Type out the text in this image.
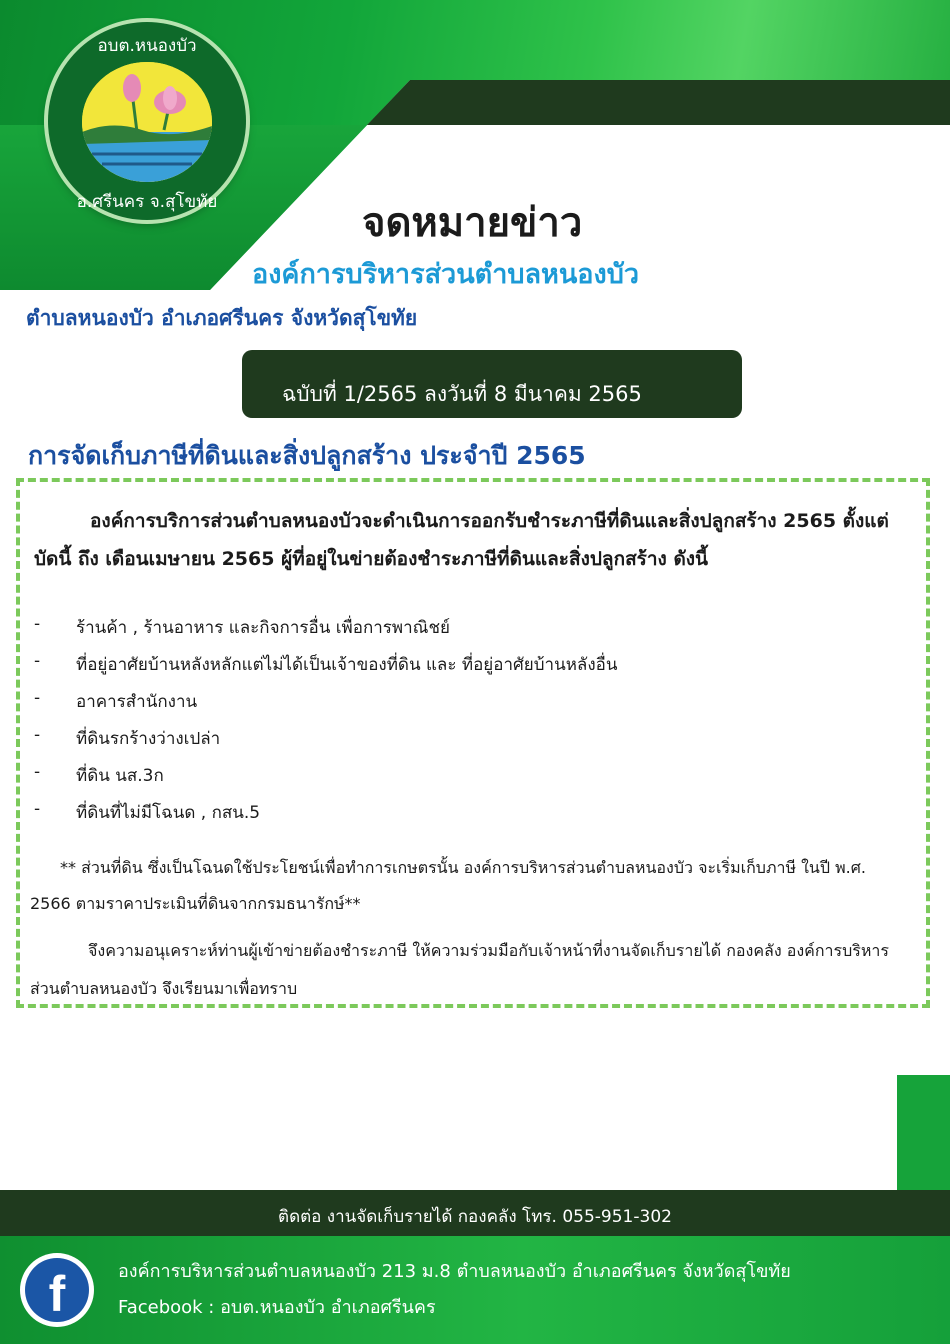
อบต.หนองบัว
อ.ศรีนคร จ.สุโขทัย	จดหมายข่าว
องค์การบริหารส่วนตำบลหนองบัว
ตำบลหนองบัว อำเภอศรีนคร จังหวัดสุโขทัย
ฉบับที่ 1/2565 ลงวันที่ 8 มีนาคม 2565
การจัดเก็บภาษีที่ดินและสิ่งปลูกสร้าง ประจำปี 2565
องค์การบริการส่วนตำบลหนองบัวจะดำเนินการออกรับชำระภาษีที่ดินและสิ่งปลูกสร้าง 2565 ตั้งแต่บัดนี้ ถึง เดือนเมษายน 2565 ผู้ที่อยู่ในข่ายต้องชำระภาษีที่ดินและสิ่งปลูกสร้าง ดังนี้
- ร้านค้า , ร้านอาหาร และกิจการอื่น เพื่อการพาณิชย์
- ที่อยู่อาศัยบ้านหลังหลักแต่ไม่ได้เป็นเจ้าของที่ดิน และ ที่อยู่อาศัยบ้านหลังอื่น
- อาคารสำนักงาน
- ที่ดินรกร้างว่างเปล่า
- ที่ดิน นส.3ก
- ที่ดินที่ไม่มีโฉนด , กสน.5
** ส่วนที่ดิน ซึ่งเป็นโฉนดใช้ประโยชน์เพื่อทำการเกษตรนั้น องค์การบริหารส่วนตำบลหนองบัว จะเริ่มเก็บภาษี ในปี พ.ศ. 2566 ตามราคาประเมินที่ดินจากกรมธนารักษ์**
จึงความอนุเคราะห์ท่านผู้เข้าข่ายต้องชำระภาษี ให้ความร่วมมือกับเจ้าหน้าที่งานจัดเก็บรายได้ กองคลัง องค์การบริหารส่วนตำบลหนองบัว จึงเรียนมาเพื่อทราบ
ติดต่อ งานจัดเก็บรายได้ กองคลัง โทร. 055-951-302
f	องค์การบริหารส่วนตำบลหนองบัว 213 ม.8 ตำบลหนองบัว อำเภอศรีนคร จังหวัดสุโขทัย
Facebook : อบต.หนองบัว อำเภอศรีนคร
